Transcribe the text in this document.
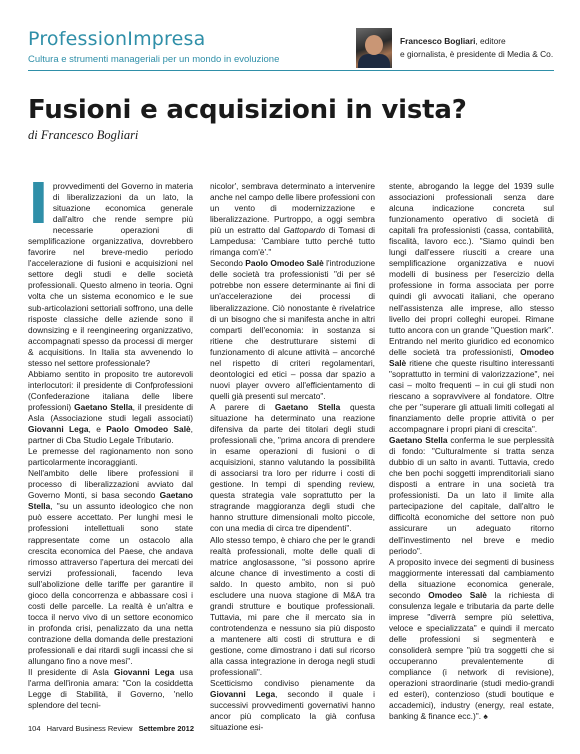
ProfessionImpresa
Cultura e strumenti manageriali per un mondo in evoluzione
Francesco Bogliari, editore
e giornalista, è presidente di Media & Co.
Fusioni e acquisizioni in vista?
di Francesco Bogliari

Iprovvedimenti del Governo in materia di liberalizzazioni da un lato, la situazione economica generale dall'altro che rende sempre più necessarie operazioni di semplificazione organizzativa, dovrebbero favorire nel breve-medio periodo l'accelerazione di fusioni e acquisizioni nel settore degli studi e delle società professionali. Questo almeno in teoria. Ogni volta che un sistema economico e le sue sub-articolazioni settoriali soffrono, una delle risposte classiche delle aziende sono il downsizing e il reengineering organizzativo, accompagnati spesso da processi di merger & acquisitions. In Italia sta avvenendo lo stesso nel settore professionale?

Abbiamo sentito in proposito tre autorevoli interlocutori: il presidente di Confprofessioni (Confederazione italiana delle libere professioni) Gaetano Stella, il presidente di Asla (Associazione studi legali associati) Giovanni Lega, e Paolo Omodeo Salè, partner di Cba Studio Legale Tributario.

Le premesse del ragionamento non sono particolarmente incoraggianti.

Nell'ambito delle libere professioni il processo di liberalizzazioni avviato dal Governo Monti, si basa secondo Gaetano Stella, "su un assunto ideologico che non può essere accettato. Per lunghi mesi le professioni intellettuali sono state rappresentate come un ostacolo alla crescita economica del Paese, che andava rimosso attraverso l'apertura dei mercati dei servizi professionali, facendo leva sull'abolizione delle tariffe per garantire il gioco della concorrenza e abbassare così i costi delle parcelle. La realtà è un'altra e tocca il nervo vivo di un settore economico in profonda crisi, penalizzato da una netta contrazione della domanda delle prestazioni professionali e dai ritardi sugli incassi che si allungano fino a nove mesi".

Il presidente di Asla Giovanni Lega usa l'arma dell'ironia amara: "Con la cosiddetta Legge di Stabilità, il Governo, 'nello splendore del tecni-

nicolor', sembrava determinato a intervenire anche nel campo delle libere professioni con un vento di modernizzazione e liberalizzazione. Purtroppo, a oggi sembra più un estratto dal Gattopardo di Tomasi di Lampedusa: 'Cambiare tutto perché tutto rimanga com'è'."

Secondo Paolo Omodeo Salè l'introduzione delle società tra professionisti "di per sé potrebbe non essere determinante ai fini di un'accelerazione dei processi di liberalizzazione. Ciò nonostante è rivelatrice di un bisogno che si manifesta anche in altri comparti dell'economia: in sostanza si ritiene che destrutturare sistemi di funzionamento di alcune attività – ancorché nel rispetto di criteri regolamentari, deontologici ed etici – possa dar spazio a nuovi player ovvero all'efficientamento di quelli già presenti sul mercato".

A parere di Gaetano Stella questa situazione ha determinato una reazione difensiva da parte dei titolari degli studi professionali che, "prima ancora di prendere in esame operazioni di fusioni o di acquisizioni, stanno valutando la possibilità di associarsi tra loro per ridurre i costi di gestione. In tempi di spending review, questa strategia vale soprattutto per la stragrande maggioranza degli studi che hanno strutture dimensionali molto piccole, con una media di circa tre dipendenti".

Allo stesso tempo, è chiaro che per le grandi realtà professionali, molte delle quali di matrice anglosassone, "si possono aprire alcune chance di investimento a costi di saldo. In questo ambito, non si può escludere una nuova stagione di M&A tra grandi strutture e boutique professionali. Tuttavia, mi pare che il mercato sia in controtendenza e nessuno sia più disposto a mantenere alti costi di struttura e di gestione, come dimostrano i dati sul ricorso alla cassa integrazione in deroga negli studi professionali".

Scetticismo condiviso pienamente da Giovanni Lega, secondo il quale i successivi provvedimenti governativi hanno ancor più complicato la già confusa situazione esi-

stente, abrogando la legge del 1939 sulle associazioni professionali senza dare alcuna indicazione concreta sul funzionamento operativo di società di capitali fra professionisti (cassa, contabilità, fiscalità, lavoro ecc.). "Siamo quindi ben lungi dall'essere riusciti a creare una semplificazione organizzativa e nuovi modelli di business per l'esercizio della professione in forma associata per porre quindi gli avvocati italiani, che operano nell'assistenza alle imprese, allo stesso livello dei propri colleghi europei. Rimane tutto ancora con un grande "Question mark".

Entrando nel merito giuridico ed economico delle società tra professionisti, Omodeo Salè ritiene che queste risultino interessanti "soprattutto in termini di valorizzazione", nei casi – molto frequenti – in cui gli studi non riescano a sopravvivere al fondatore. Oltre che per "superare gli attuali limiti collegati al finanziamento delle proprie attività o per accompagnare i propri piani di crescita".

Gaetano Stella conferma le sue perplessità di fondo: "Culturalmente si tratta senza dubbio di un salto in avanti. Tuttavia, credo che ben pochi soggetti imprenditoriali siano disposti a entrare in una società tra professionisti. Da un lato il limite alla partecipazione del capitale, dall'altro le difficoltà economiche del settore non può assicurare un adeguato ritorno dell'investimento nel breve e medio periodo".

A proposito invece dei segmenti di business maggiormente interessati dal cambiamento della situazione economica generale, secondo Omodeo Salè la richiesta di consulenza legale e tributaria da parte delle imprese "diverrà sempre più selettiva, veloce e specializzata" e quindi il mercato delle professioni si segmenterà e consoliderà sempre "più tra soggetti che si occuperanno prevalentemente di compliance (i network di revisione), operazioni straordinarie (studi medio-grandi ed esteri), contenzioso (studi boutique e accademici), industry (energy, real estate, banking & finance ecc.)". ♠

104 Harvard Business Review Settembre 2012
